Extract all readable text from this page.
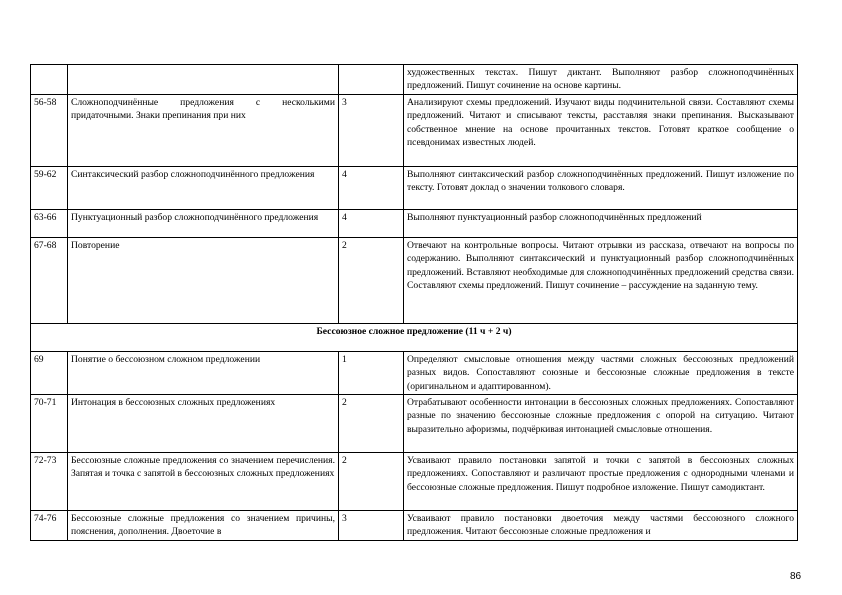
			художественных текстах. Пишут диктант. Выполняют разбор сложноподчинённых предложений. Пишут сочинение на основе картины.
56-58	Сложноподчинённые предложения с несколькими придаточными. Знаки препинания при них	3	Анализируют схемы предложений. Изучают виды подчинительной связи. Составляют схемы предложений. Читают и списывают тексты, расставляя знаки препинания. Высказывают собственное мнение на основе прочитанных текстов. Готовят краткое сообщение о псевдонимах известных людей.
59-62	Синтаксический разбор сложноподчинённого предложения	4	Выполняют синтаксический разбор сложноподчинённых предложений. Пишут изложение по тексту. Готовят доклад о значении толкового словаря.
63-66	Пунктуационный разбор сложноподчинённого предложения	4	Выполняют пунктуационный разбор сложноподчинённых предложений
67-68	Повторение	2	Отвечают на контрольные вопросы. Читают отрывки из рассказа, отвечают на вопросы по содержанию. Выполняют синтаксический и пунктуационный разбор сложноподчинённых предложений. Вставляют необходимые для сложноподчинённых предложений средства связи. Составляют схемы предложений. Пишут сочинение – рассуждение на заданную тему.
Бессоюзное сложное предложение (11 ч + 2 ч)			
69	Понятие о бессоюзном сложном предложении	1	Определяют смысловые отношения между частями сложных бессоюзных предложений разных видов. Сопоставляют союзные и бессоюзные сложные предложения в тексте (оригинальном и адаптированном).
70-71	Интонация в бессоюзных сложных предложениях	2	Отрабатывают особенности интонации в бессоюзных сложных предложениях. Сопоставляют разные по значению бессоюзные сложные предложения с опорой на ситуацию. Читают выразительно афоризмы, подчёркивая интонацией смысловые отношения.
72-73	Бессоюзные сложные предложения со значением перечисления. Запятая и точка с запятой в бессоюзных сложных предложениях	2	Усваивают правило постановки запятой и точки с запятой в бессоюзных сложных предложениях. Сопоставляют и различают простые предложения с однородными членами и бессоюзные сложные предложения. Пишут подробное изложение. Пишут самодиктант.
74-76	Бессоюзные сложные предложения со значением причины, пояснения, дополнения. Двоеточие в	3	Усваивают правило постановки двоеточия между частями бессоюзного сложного предложения. Читают бессоюзные сложные предложения и
86
